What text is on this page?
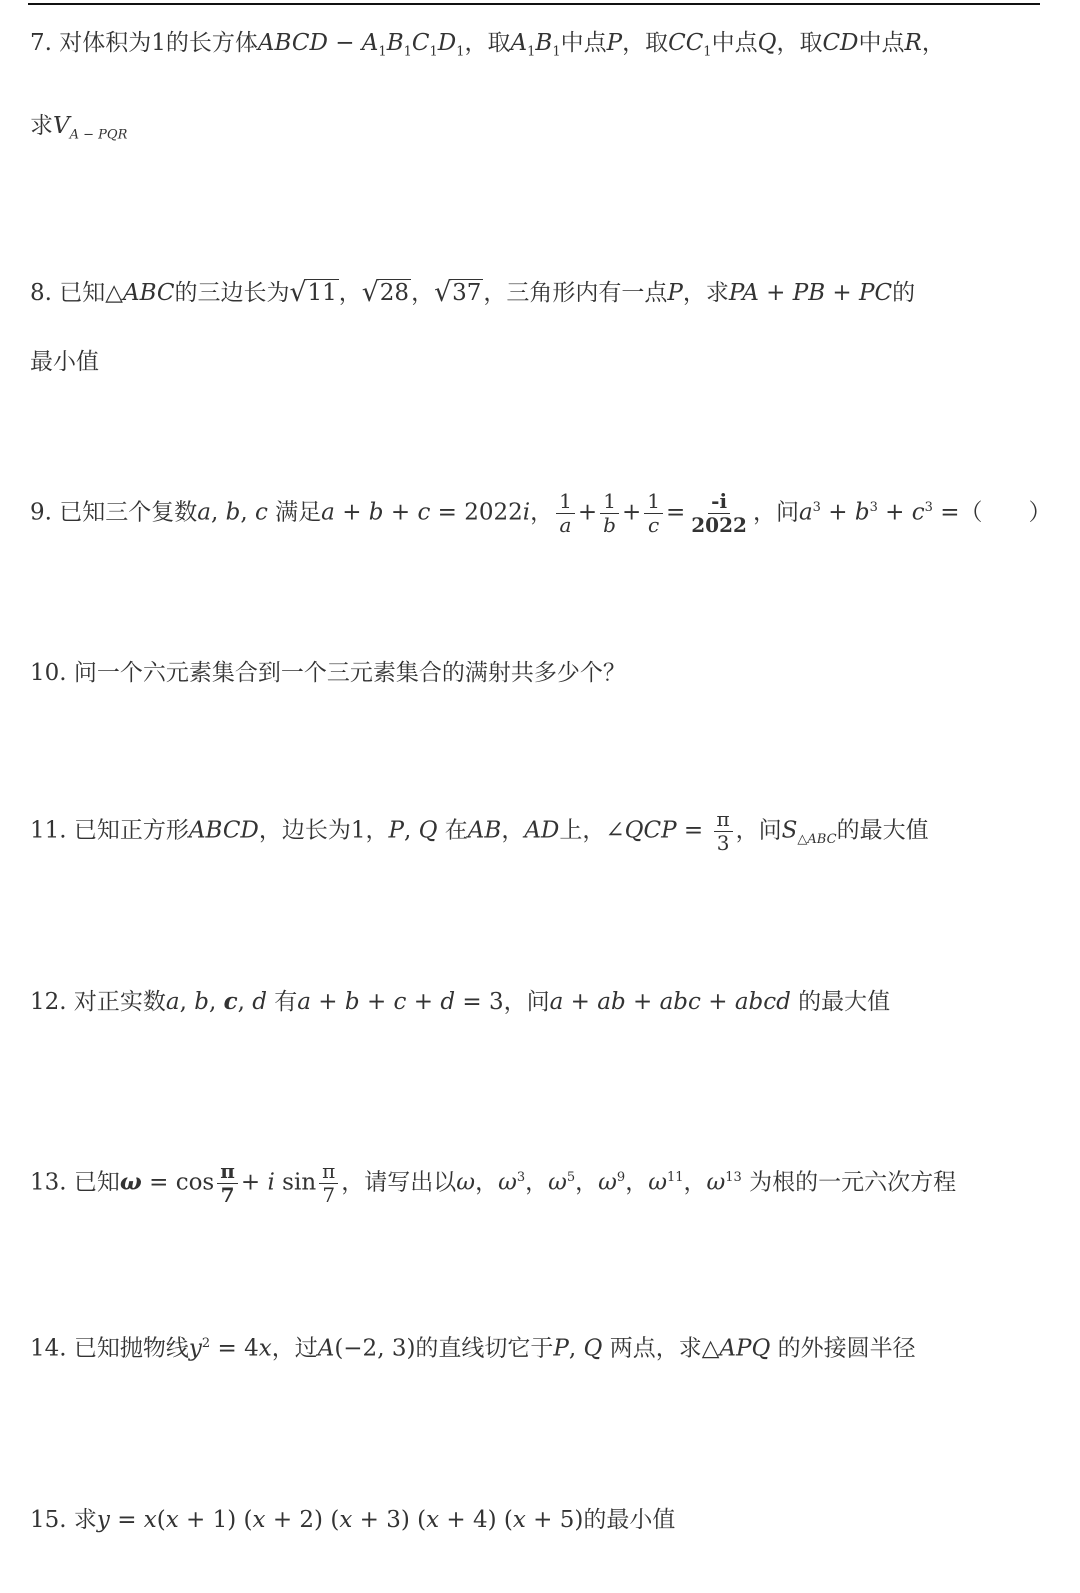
7. 对体积为1的长方体ABCD − $A_1B_1C_1D_1$，取$A_1B_1$中点P，取$CC_1$中点Q，取CD中点R，
求$V_{A - PQR}$
8. 已知△ABC的三边长为 √ 11， √ 28， √ 37，三角形内有一点P，求PA + PB + PC的
最小值
9. 已知三个复数a, b, c 满足a + b + c = 2022i， $\frac{1}{a} + \frac{1}{b} + \frac{1}{c} = \frac{-i}{2022}$ ，问$a^3 + b^3 + c^3$ =（　　）
10. 问一个六元素集合到一个三元素集合的满射共多少个？
11. 已知正方形ABCD，边长为1，P, Q 在AB，AD上，∠QCP = $\frac{\pi}{3}$ ，问$S_{\triangle ABC}$的最大值
12. 对正实数a, b, c, d 有a + b + c + d = 3，问a + ab + abc + abcd 的最大值
13. 已知$\omega = \cos \frac{\pi}{7} + i$ $\sin \frac{\pi}{7}$ ，请写出以ω，$\omega^3$，$\omega^5$，$\omega^9$，$\omega^{11}$，$\omega^{13}$ 为根的一元六次方程
14. 已知抛物线$y^2 = 4x$，过A(−2, 3)的直线切它于P, Q 两点，求△APQ 的外接圆半径
15. 求y = x(x + 1) (x + 2) (x + 3) (x + 4) (x + 5)的最小值
